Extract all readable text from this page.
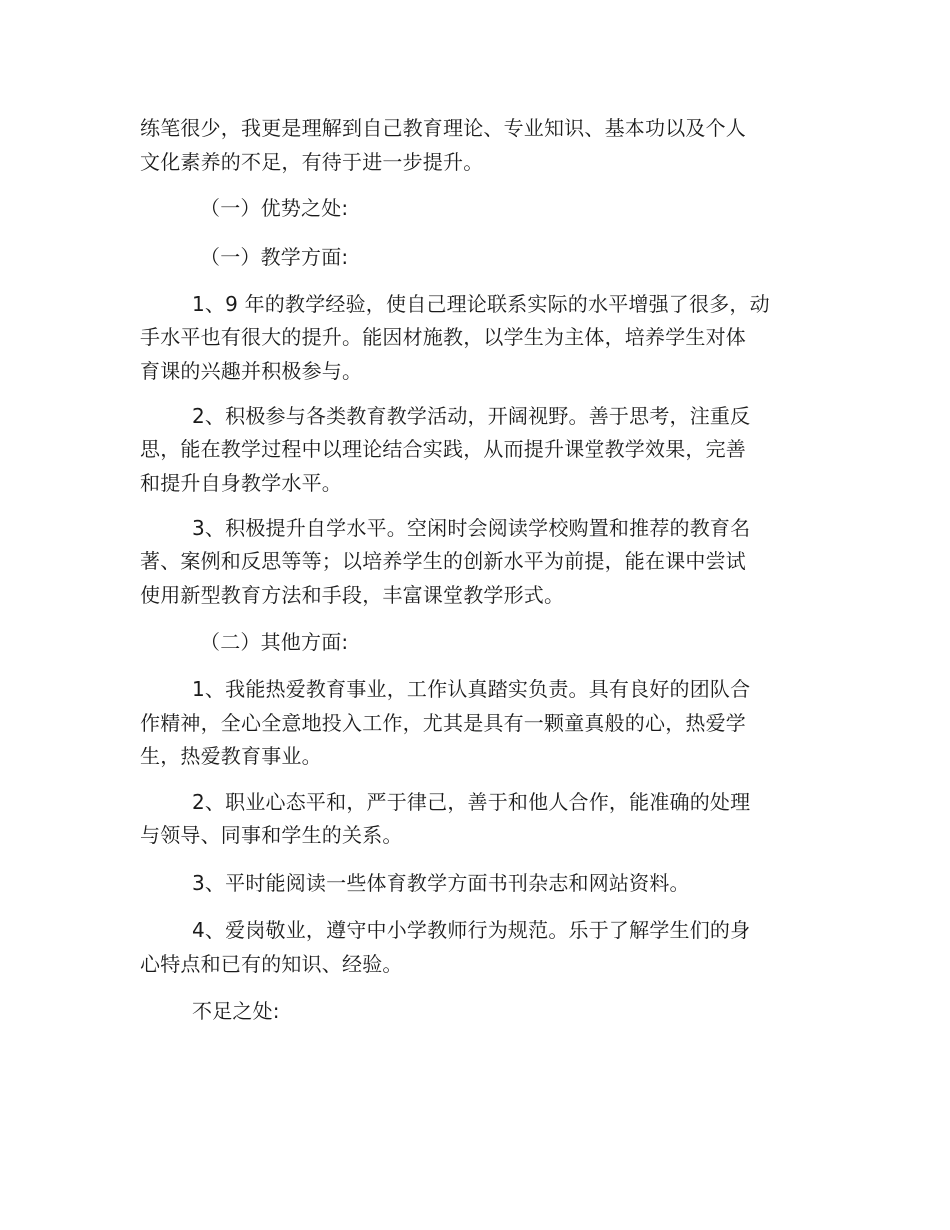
练笔很少，我更是理解到自己教育理论、专业知识、基本功以及个人
文化素养的不足，有待于进一步提升。
（一）优势之处:
（一）教学方面:
1、9 年的教学经验，使自己理论联系实际的水平增强了很多，动
手水平也有很大的提升。能因材施教，以学生为主体，培养学生对体
育课的兴趣并积极参与。
2、积极参与各类教育教学活动，开阔视野。善于思考，注重反
思，能在教学过程中以理论结合实践，从而提升课堂教学效果，完善
和提升自身教学水平。
3、积极提升自学水平。空闲时会阅读学校购置和推荐的教育名
著、案例和反思等等；以培养学生的创新水平为前提，能在课中尝试
使用新型教育方法和手段，丰富课堂教学形式。
（二）其他方面:
1、我能热爱教育事业，工作认真踏实负责。具有良好的团队合
作精神，全心全意地投入工作，尤其是具有一颗童真般的心，热爱学
生，热爱教育事业。
2、职业心态平和，严于律己，善于和他人合作，能准确的处理
与领导、同事和学生的关系。
3、平时能阅读一些体育教学方面书刊杂志和网站资料。
4、爱岗敬业，遵守中小学教师行为规范。乐于了解学生们的身
心特点和已有的知识、经验。
不足之处:
